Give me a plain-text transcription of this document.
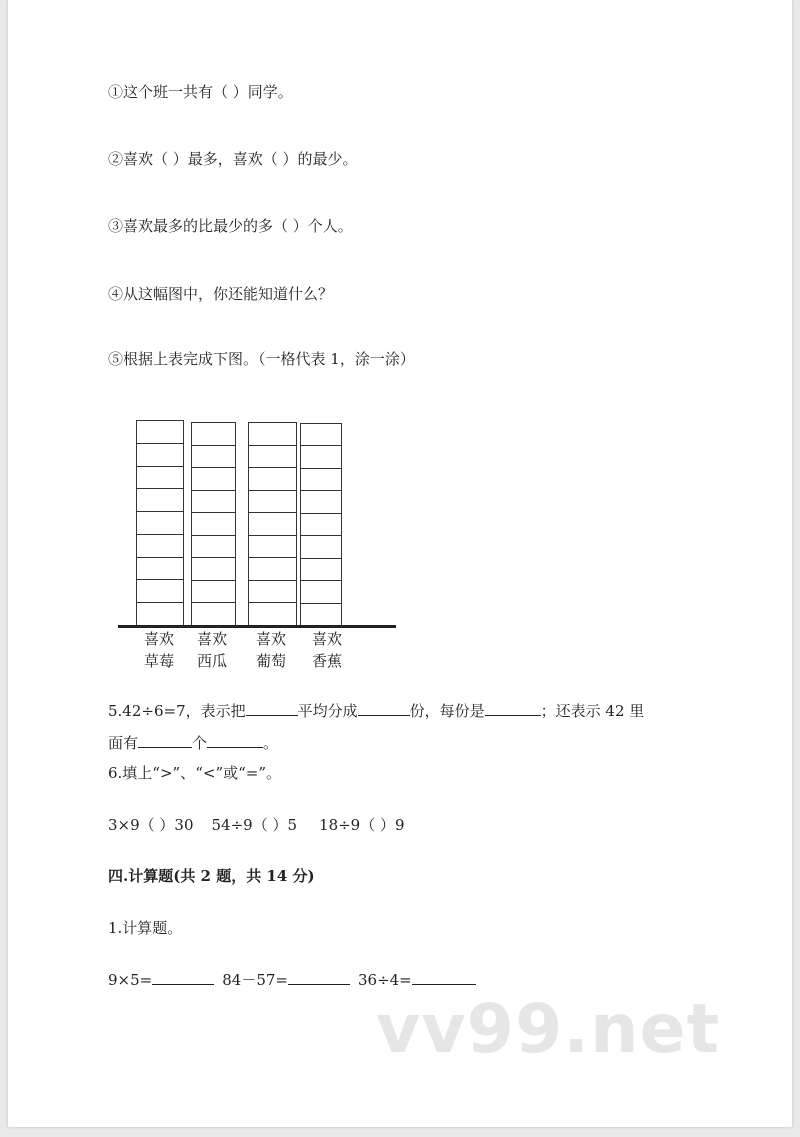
①这个班一共有（ ）同学。
②喜欢（ ）最多，喜欢（ ）的最少。
③喜欢最多的比最少的多（ ）个人。
④从这幅图中，你还能知道什么？
⑤根据上表完成下图。（一格代表 1，涂一涂）
喜欢
草莓
喜欢
西瓜
喜欢
葡萄
喜欢
香蕉
5.42÷6=7，表示把	平均分成	份，每份是	；还表示 42 里
面有	个	。
6.填上“>”、“<”或“=”。
3×9（ ）30 54÷9（ ）5 18÷9（ ）9
四.计算题(共 2 题，共 14 分)
1.计算题。
9×5=	84－57=	36÷4=
vv99.net
